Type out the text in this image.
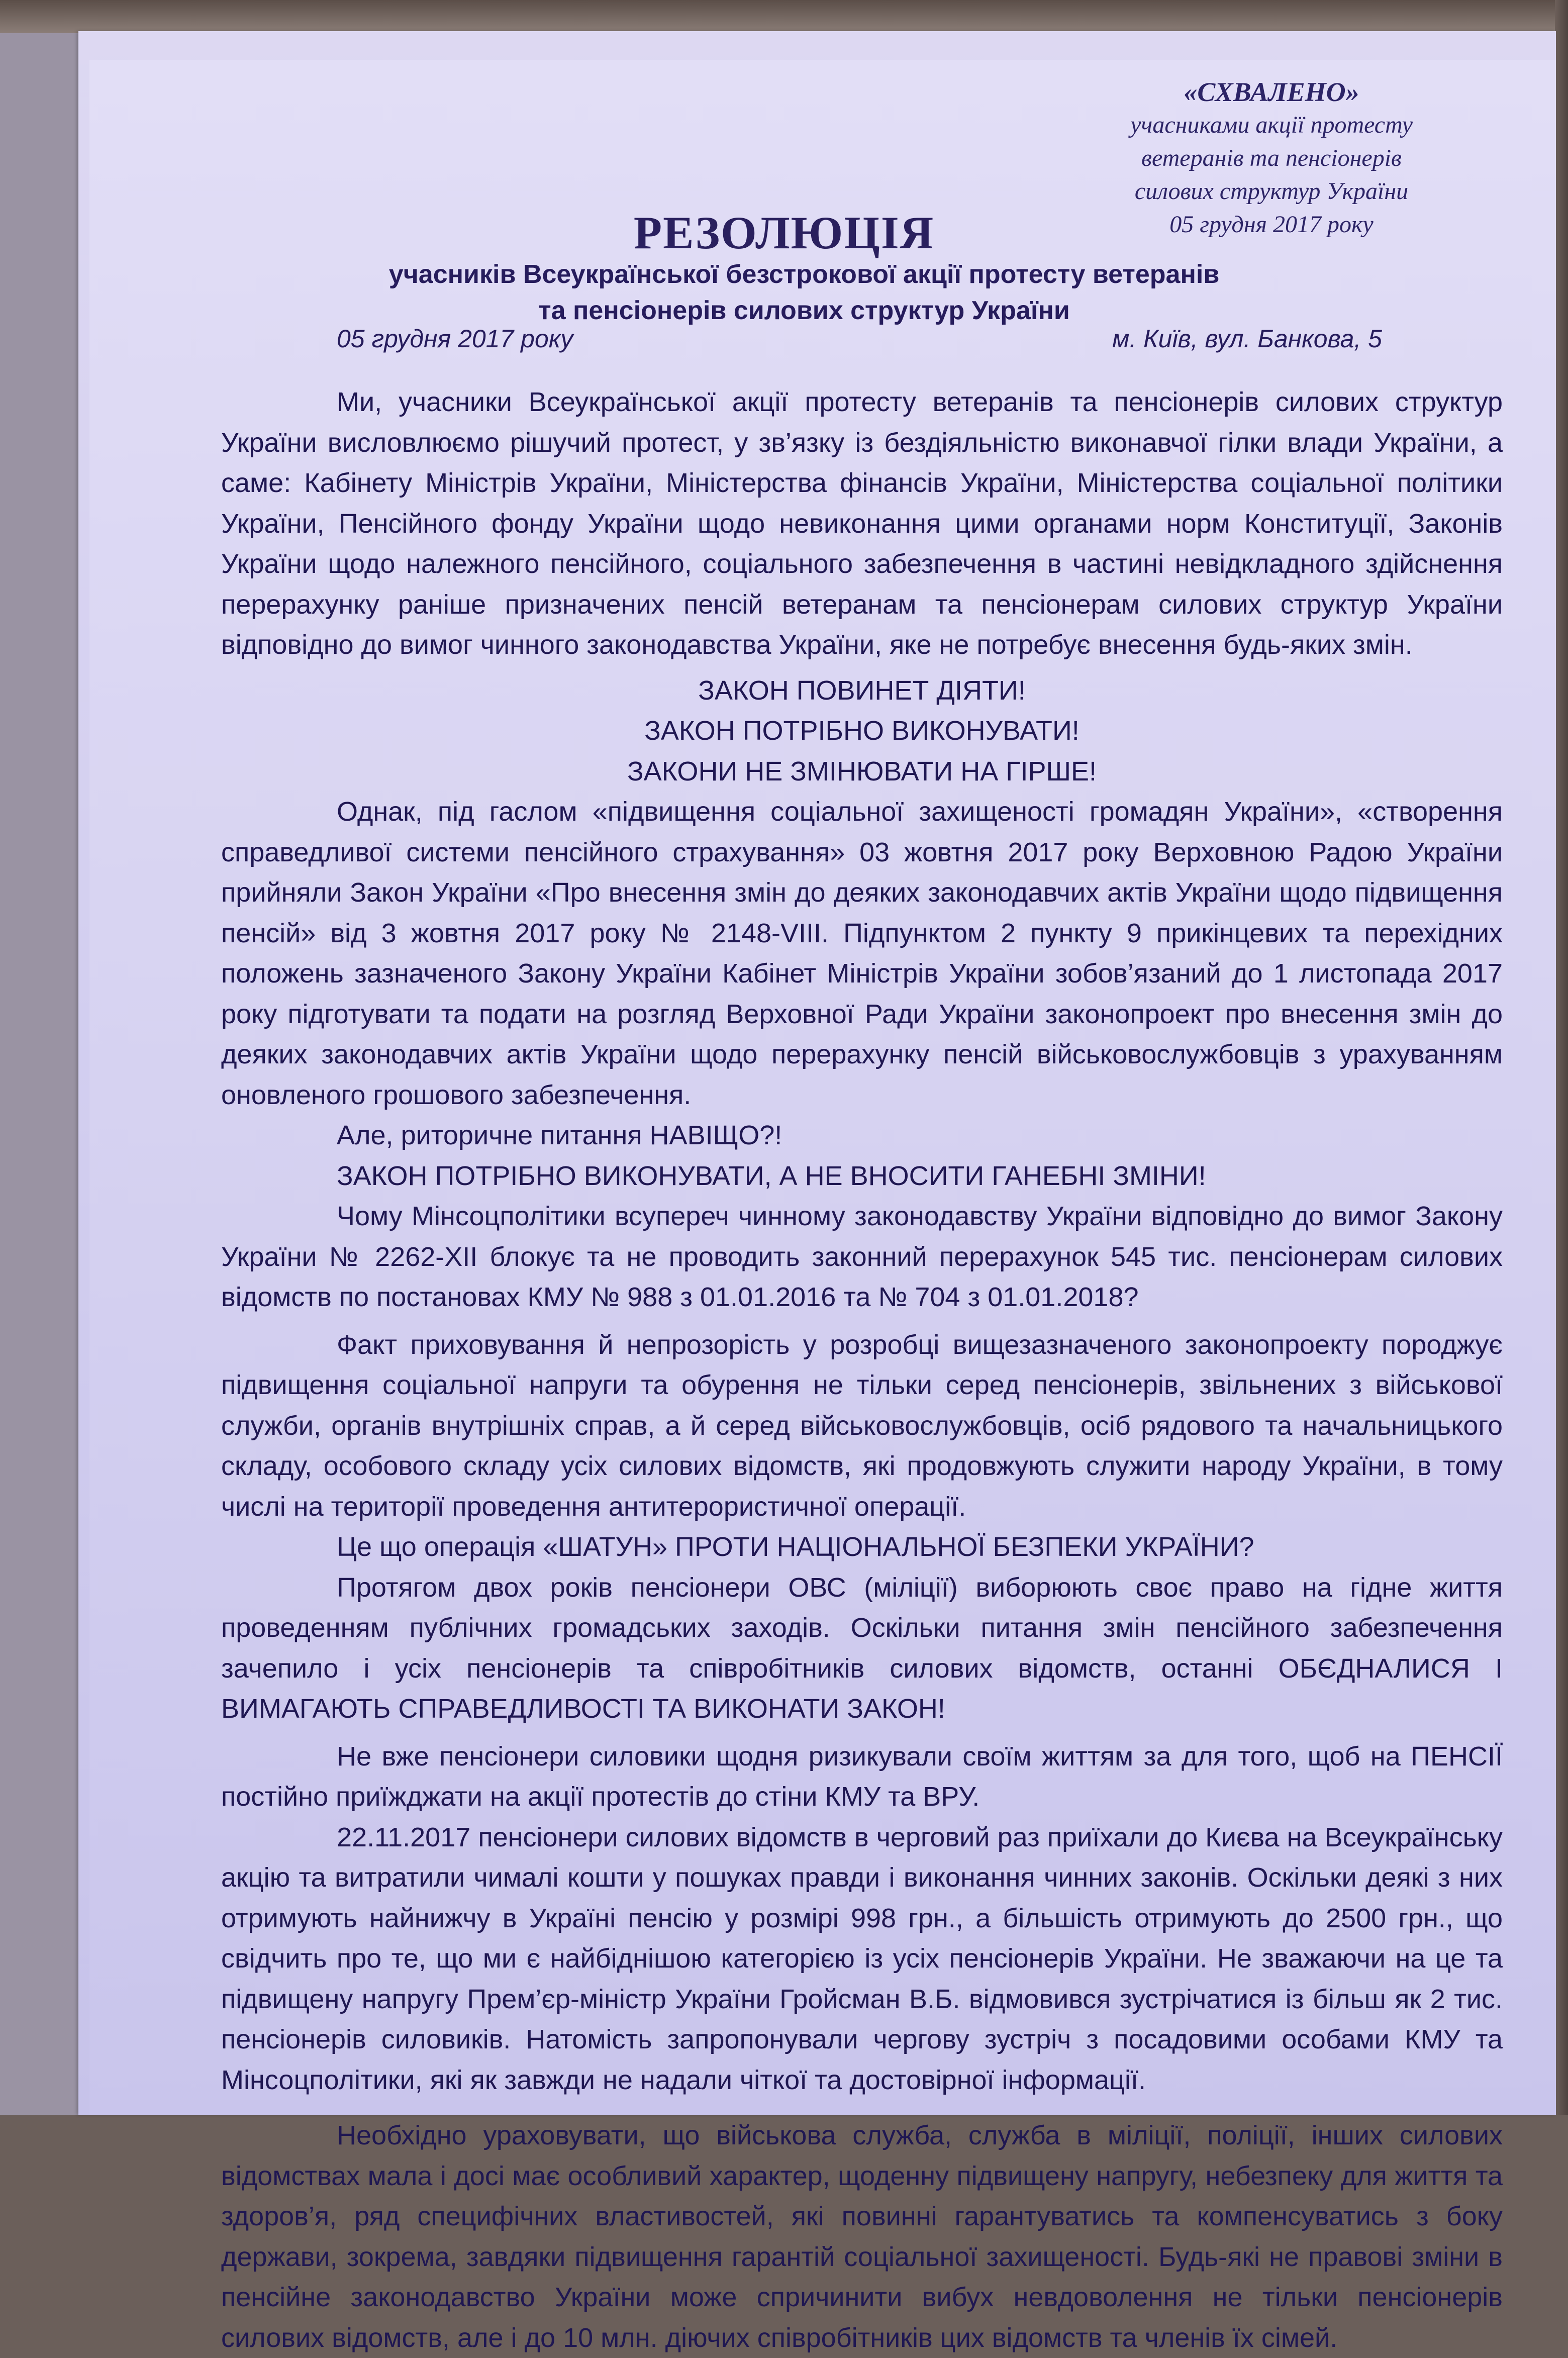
«СХВАЛЕНО»
учасниками акції протесту
ветеранів та пенсіонерів
силових структур України
05 грудня 2017 року
РЕЗОЛЮЦІЯ
учасників Всеукраїнської безстрокової акції протесту ветеранів
та пенсіонерів силових структур України
05 грудня 2017 року	м. Київ, вул. Банкова, 5

Ми, учасники Всеукраїнської акції протесту ветеранів та пенсіонерів силових структур України висловлюємо рішучий протест, у зв’язку із бездіяльністю виконавчої гілки влади України, а саме: Кабінету Міністрів України, Міністерства фінансів України, Міністерства соціальної політики України, Пенсійного фонду України щодо невиконання цими органами норм Конституції, Законів України щодо належного пенсійного, соціального забезпечення в частині невідкладного здійснення перерахунку раніше призначених пенсій ветеранам та пенсіонерам силових структур України відповідно до вимог чинного законодавства України, яке не потребує внесення будь-яких змін.

ЗАКОН ПОВИНЕТ ДІЯТИ!

ЗАКОН ПОТРІБНО ВИКОНУВАТИ!

ЗАКОНИ НЕ ЗМІНЮВАТИ НА ГІРШЕ!

Однак, під гаслом «підвищення соціальної захищеності громадян України», «створення справедливої системи пенсійного страхування» 03 жовтня 2017 року Верховною Радою України прийняли Закон України «Про внесення змін до деяких законодавчих актів України щодо підвищення пенсій» від 3 жовтня 2017 року № 2148-VIII. Підпунктом 2 пункту 9 прикінцевих та перехідних положень зазначеного Закону України Кабінет Міністрів України зобов’язаний до 1 листопада 2017 року підготувати та подати на розгляд Верховної Ради України законопроект про внесення змін до деяких законодавчих актів України щодо перерахунку пенсій військовослужбовців з урахуванням оновленого грошового забезпечення.

Але, риторичне питання НАВІЩО?!

ЗАКОН ПОТРІБНО ВИКОНУВАТИ, А НЕ ВНОСИТИ ГАНЕБНІ ЗМІНИ!

Чому Мінсоцполітики всупереч чинному законодавству України відповідно до вимог Закону України № 2262-XII блокує та не проводить законний перерахунок 545 тис. пенсіонерам силових відомств по постановах КМУ № 988 з 01.01.2016 та № 704 з 01.01.2018?

Факт приховування й непрозорість у розробці вищезазначеного законопроекту породжує підвищення соціальної напруги та обурення не тільки серед пенсіонерів, звільнених з військової служби, органів внутрішніх справ, а й серед військовослужбовців, осіб рядового та начальницького складу, особового складу усіх силових відомств, які продовжують служити народу України, в тому числі на території проведення антитерористичної операції.

Це що операція «ШАТУН» ПРОТИ НАЦІОНАЛЬНОЇ БЕЗПЕКИ УКРАЇНИ?

Протягом двох років пенсіонери ОВС (міліції) виборюють своє право на гідне життя проведенням публічних громадських заходів. Оскільки питання змін пенсійного забезпечення зачепило і усіх пенсіонерів та співробітників силових відомств, останні ОБЄДНАЛИСЯ І ВИМАГАЮТЬ СПРАВЕДЛИВОСТІ ТА ВИКОНАТИ ЗАКОН!

Не вже пенсіонери силовики щодня ризикували своїм життям за для того, щоб на ПЕНСІЇ постійно приїжджати на акції протестів до стіни КМУ та ВРУ.

22.11.2017 пенсіонери силових відомств в черговий раз приїхали до Києва на Всеукраїнську акцію та витратили чималі кошти у пошуках правди і виконання чинних законів. Оскільки деякі з них отримують найнижчу в Україні пенсію у розмірі 998 грн., а більшість отримують до 2500 грн., що свідчить про те, що ми є найбіднішою категорією із усіх пенсіонерів України. Не зважаючи на це та підвищену напругу Прем’єр-міністр України Гройсман В.Б. відмовився зустрічатися із більш як 2 тис. пенсіонерів силовиків. Натомість запропонували чергову зустріч з посадовими особами КМУ та Мінсоцполітики, які як завжди не надали чіткої та достовірної інформації.

Необхідно ураховувати, що військова служба, служба в міліції, поліції, інших силових відомствах мала і досі має особливий характер, щоденну підвищену напругу, небезпеку для життя та здоров’я, ряд специфічних властивостей, які повинні гарантуватись та компенсуватись з боку держави, зокрема, завдяки підвищення гарантій соціальної захищеності. Будь-які не правові зміни в пенсійне законодавство України може спричинити вибух невдоволення не тільки пенсіонерів силових відомств, але і до 10 млн. діючих співробітників цих відомств та членів їх сімей.
